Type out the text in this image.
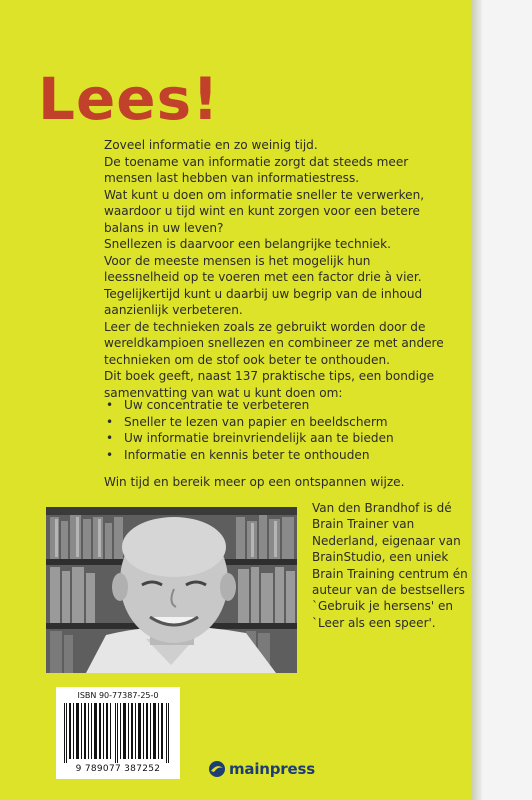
Lees!

Zoveel informatie en zo weinig tijd.

De toename van informatie zorgt dat steeds meer mensen last hebben van informatiestress.

Wat kunt u doen om informatie sneller te verwerken, waardoor u tijd wint en kunt zorgen voor een betere balans in uw leven?

Snellezen is daarvoor een belangrijke techniek.

Voor de meeste mensen is het mogelijk hun leessnelheid op te voeren met een factor drie à vier. Tegelijkertijd kunt u daarbij uw begrip van de inhoud aanzienlijk verbeteren.

Leer de technieken zoals ze gebruikt worden door de wereldkampioen snellezen en combineer ze met andere technieken om de stof ook beter te onthouden.

Dit boek geeft, naast 137 praktische tips, een bondige samenvatting van wat u kunt doen om:

• Uw concentratie te verbeteren
• Sneller te lezen van papier en beeldscherm
• Uw informatie breinvriendelijk aan te bieden
• Informatie en kennis beter te onthouden
Win tijd en bereik meer op een ontspannen wijze.
Van den Brandhof is dé Brain Trainer van Nederland, eigenaar van BrainStudio, een uniek Brain Training centrum én auteur van de bestsellers `Gebruik je hersens' en `Leer als een speer'.
ISBN 90-77387-25-0
9 789077 387252	mainpress
